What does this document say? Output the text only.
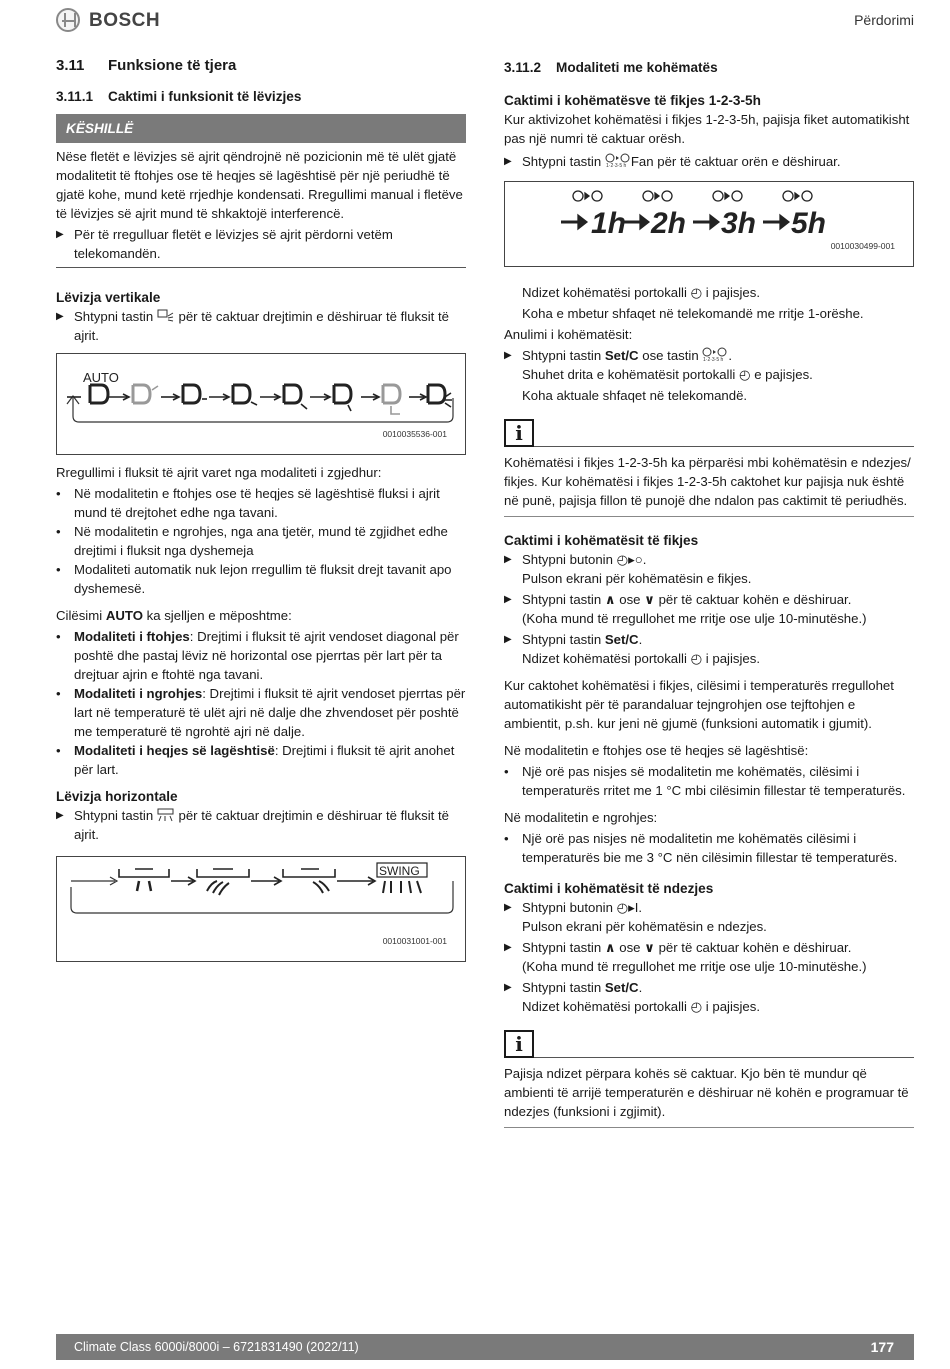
BOSCH	Përdorimi
3.11	Funksione të tjera
3.11.1	Caktimi i funksionit të lëvizjes
KËSHILLË

Nëse fletët e lëvizjes së ajrit qëndrojnë në pozicionin më të ulët gjatë modalitetit të ftohjes ose të heqjes së lagështisë për një periudhë të gjatë kohe, mund ketë rrjedhje kondensati. Rregullimi manual i fletëve të lëvizjes së ajrit mund të shkaktojë interferencë.

▶ Për të rregulluar fletët e lëvizjes së ajrit përdorni vetëm telekomandën.

Lëvizja vertikale

▶ Shtypni tastin për të caktuar drejtimin e dëshiruar të fluksit të ajrit.
AUTO
0010035536-001

Rregullimi i fluksit të ajrit varet nga modaliteti i zgjedhur:

•	Në modalitetin e ftohjes ose të heqjes së lagështisë fluksi i ajrit mund të drejtohet edhe nga tavani.
•	Në modalitetin e ngrohjes, nga ana tjetër, mund të zgjidhet edhe drejtimi i fluksit nga dyshemeja
•	Modaliteti automatik nuk lejon rregullim të fluksit drejt tavanit apo dyshemesë.

Cilësimi AUTO ka sjelljen e mëposhtme:

•	Modaliteti i ftohjes: Drejtimi i fluksit të ajrit vendoset diagonal për poshtë dhe pastaj lëviz në horizontal ose pjerrtas për lart për ta drejtuar ajrin e ftohtë nga tavani.
•	Modaliteti i ngrohjes: Drejtimi i fluksit të ajrit vendoset pjerrtas për lart në temperaturë të ulët ajri në dalje dhe zhvendoset për poshtë me temperaturë të ngrohtë ajri në dalje.
•	Modaliteti i heqjes së lagështisë: Drejtimi i fluksit të ajrit anohet për lart.

Lëvizja horizontale

▶ Shtypni tastin për të caktuar drejtimin e dëshiruar të fluksit të ajrit.
SWING
0010031001-001
3.11.2	Modaliteti me kohëmatës

Caktimi i kohëmatësve të fikjes 1-2-3-5h

Kur aktivizohet kohëmatësi i fikjes 1-2-3-5h, pajisja fiket automatikisht pas një numri të caktuar orësh.

▶ Shtypni tastin 1·2·3·5 h Fan për të caktuar orën e dëshiruar.
1h 2h 3h 5h
0010030499-001

Ndizet kohëmatësi portokalli ◴ i pajisjes.

Koha e mbetur shfaqet në telekomandë me rritje 1-orëshe.

Anulimi i kohëmatësit:

▶ Shtypni tastin Set/C ose tastin 1·2·3·5 h .

Shuhet drita e kohëmatësit portokalli ◴ e pajisjes.

Koha aktuale shfaqet në telekomandë.

i

Kohëmatësi i fikjes 1-2-3-5h ka përparësi mbi kohëmatësin e ndezjes/ fikjes. Kur kohëmatësi i fikjes 1-2-3-5h caktohet kur pajisja nuk është në punë, pajisja fillon të punojë dhe ndalon pas caktimit të periudhës.

Caktimi i kohëmatësit të fikjes

▶ Shtypni butonin ◴▸○.

Pulson ekrani për kohëmatësin e fikjes.

▶ Shtypni tastin ∧ ose ∨ për të caktuar kohën e dëshiruar.

(Koha mund të rregullohet me rritje ose ulje 10-minutëshe.)

▶ Shtypni tastin Set/C.

Ndizet kohëmatësi portokalli ◴ i pajisjes.

Kur caktohet kohëmatësi i fikjes, cilësimi i temperaturës rregullohet automatikisht për të parandaluar tejngrohjen ose tejftohjen e ambientit, p.sh. kur jeni në gjumë (funksioni automatik i gjumit).

Në modalitetin e ftohjes ose të heqjes së lagështisë:

•	Një orë pas nisjes së modalitetin me kohëmatës, cilësimi i temperaturës rritet me 1 °C mbi cilësimin fillestar të temperaturës.

Në modalitetin e ngrohjes:

•	Një orë pas nisjes në modalitetin me kohëmatës cilësimi i temperaturës bie me 3 °C nën cilësimin fillestar të temperaturës.

Caktimi i kohëmatësit të ndezjes

▶ Shtypni butonin ◴▸I.

Pulson ekrani për kohëmatësin e ndezjes.

▶ Shtypni tastin ∧ ose ∨ për të caktuar kohën e dëshiruar.

(Koha mund të rregullohet me rritje ose ulje 10-minutëshe.)

▶ Shtypni tastin Set/C.

Ndizet kohëmatësi portokalli ◴ i pajisjes.

i

Pajisja ndizet përpara kohës së caktuar. Kjo bën të mundur që ambienti të arrijë temperaturën e dëshiruar në kohën e programuar të ndezjes (funksioni i zgjimit).

Climate Class 6000i/8000i – 6721831490 (2022/11)	177
